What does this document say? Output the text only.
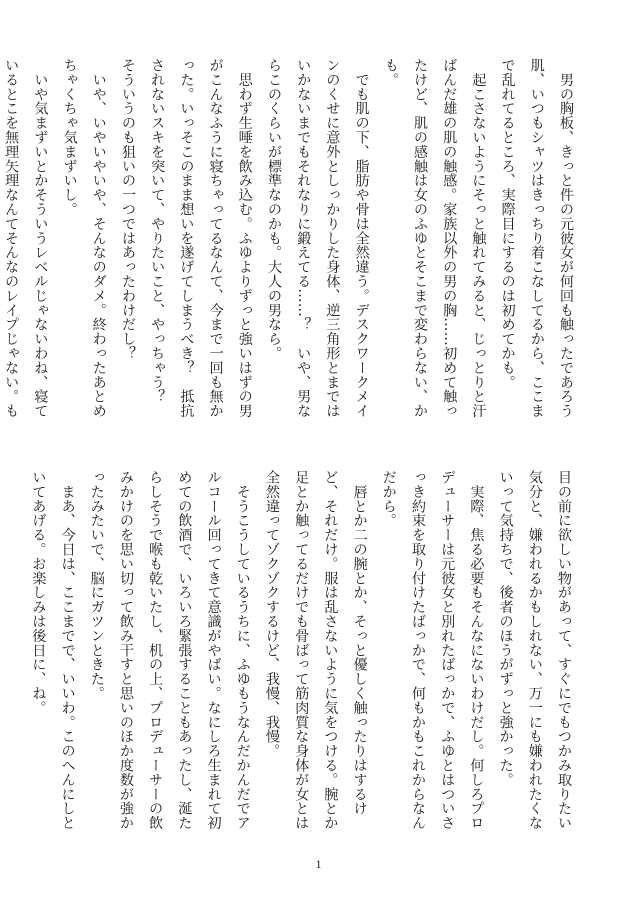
　男の胸板、きっと件の元彼女が何回も触ったであろう肌、いつもシャツはきっちり着こなしてるから、ここまで乱れてるところ、実際目にするのは初めてかも。

　起こさないようにそっと触れてみると、じっとりと汗ばんだ雄の肌の触感。家族以外の男の胸……初めて触ったけど、肌の感触は女のふゆとそこまで変わらない、かも。

　でも肌の下、脂肪や骨は全然違う。デスクワークメインのくせに意外としっかりした身体、逆三角形とまではいかないまでもそれなりに鍛えてる……？　いや、男ならこのくらいが標準なのかも。大人の男なら。

　思わず生唾を飲み込む。ふゆよりずっと強いはずの男がこんなふうに寝ちゃってるなんて、今まで一回も無かった。いっそこのまま想いを遂げてしまうべき？　抵抗されないスキを突いて、やりたいこと、やっちゃう？　そういうのも狙いの一つではあったわけだし？

　いや、いやいやいや、そんなのダメ。終わったあとめちゃくちゃ気まずいし。

　いや気まずいとかそういうレベルじゃないわね、寝ているとこを無理矢理なんてそんなのレイプじゃない。も

目の前に欲しい物があって、すぐにでもつかみ取りたい気分と、嫌われるかもしれない、万一にも嫌われたくないって気持ちで、後者のほうがずっと強かった。

　実際、焦る必要もそんなにないわけだし。何しろプロデューサーは元彼女と別れたばっかで、ふゆとはついさっき約束を取り付けたばっかで、何もかもこれからなんだから。

　唇とか二の腕とか、そっと優しく触ったりはするけど、それだけ。服は乱さないように気をつける。腕とか足とか触ってるだけでも骨ばって筋肉質な身体が女とは全然違ってゾクゾクするけど、我慢、我慢。

　そうこうしているうちに、ふゆもうなんだかんだでアルコール回ってきて意識がやばい。なにしろ生まれて初めての飲酒で、いろいろ緊張することもあったし、涎たらしそうで喉も乾いたし、机の上、プロデューサーの飲みかけのを思い切って飲み干すと思いのほか度数が強かったみたいで、脳にガツンときた。

　まあ、今日は、ここまでで、いいわ。このへんにしといてあげる。お楽しみは後日に、ね。

1
